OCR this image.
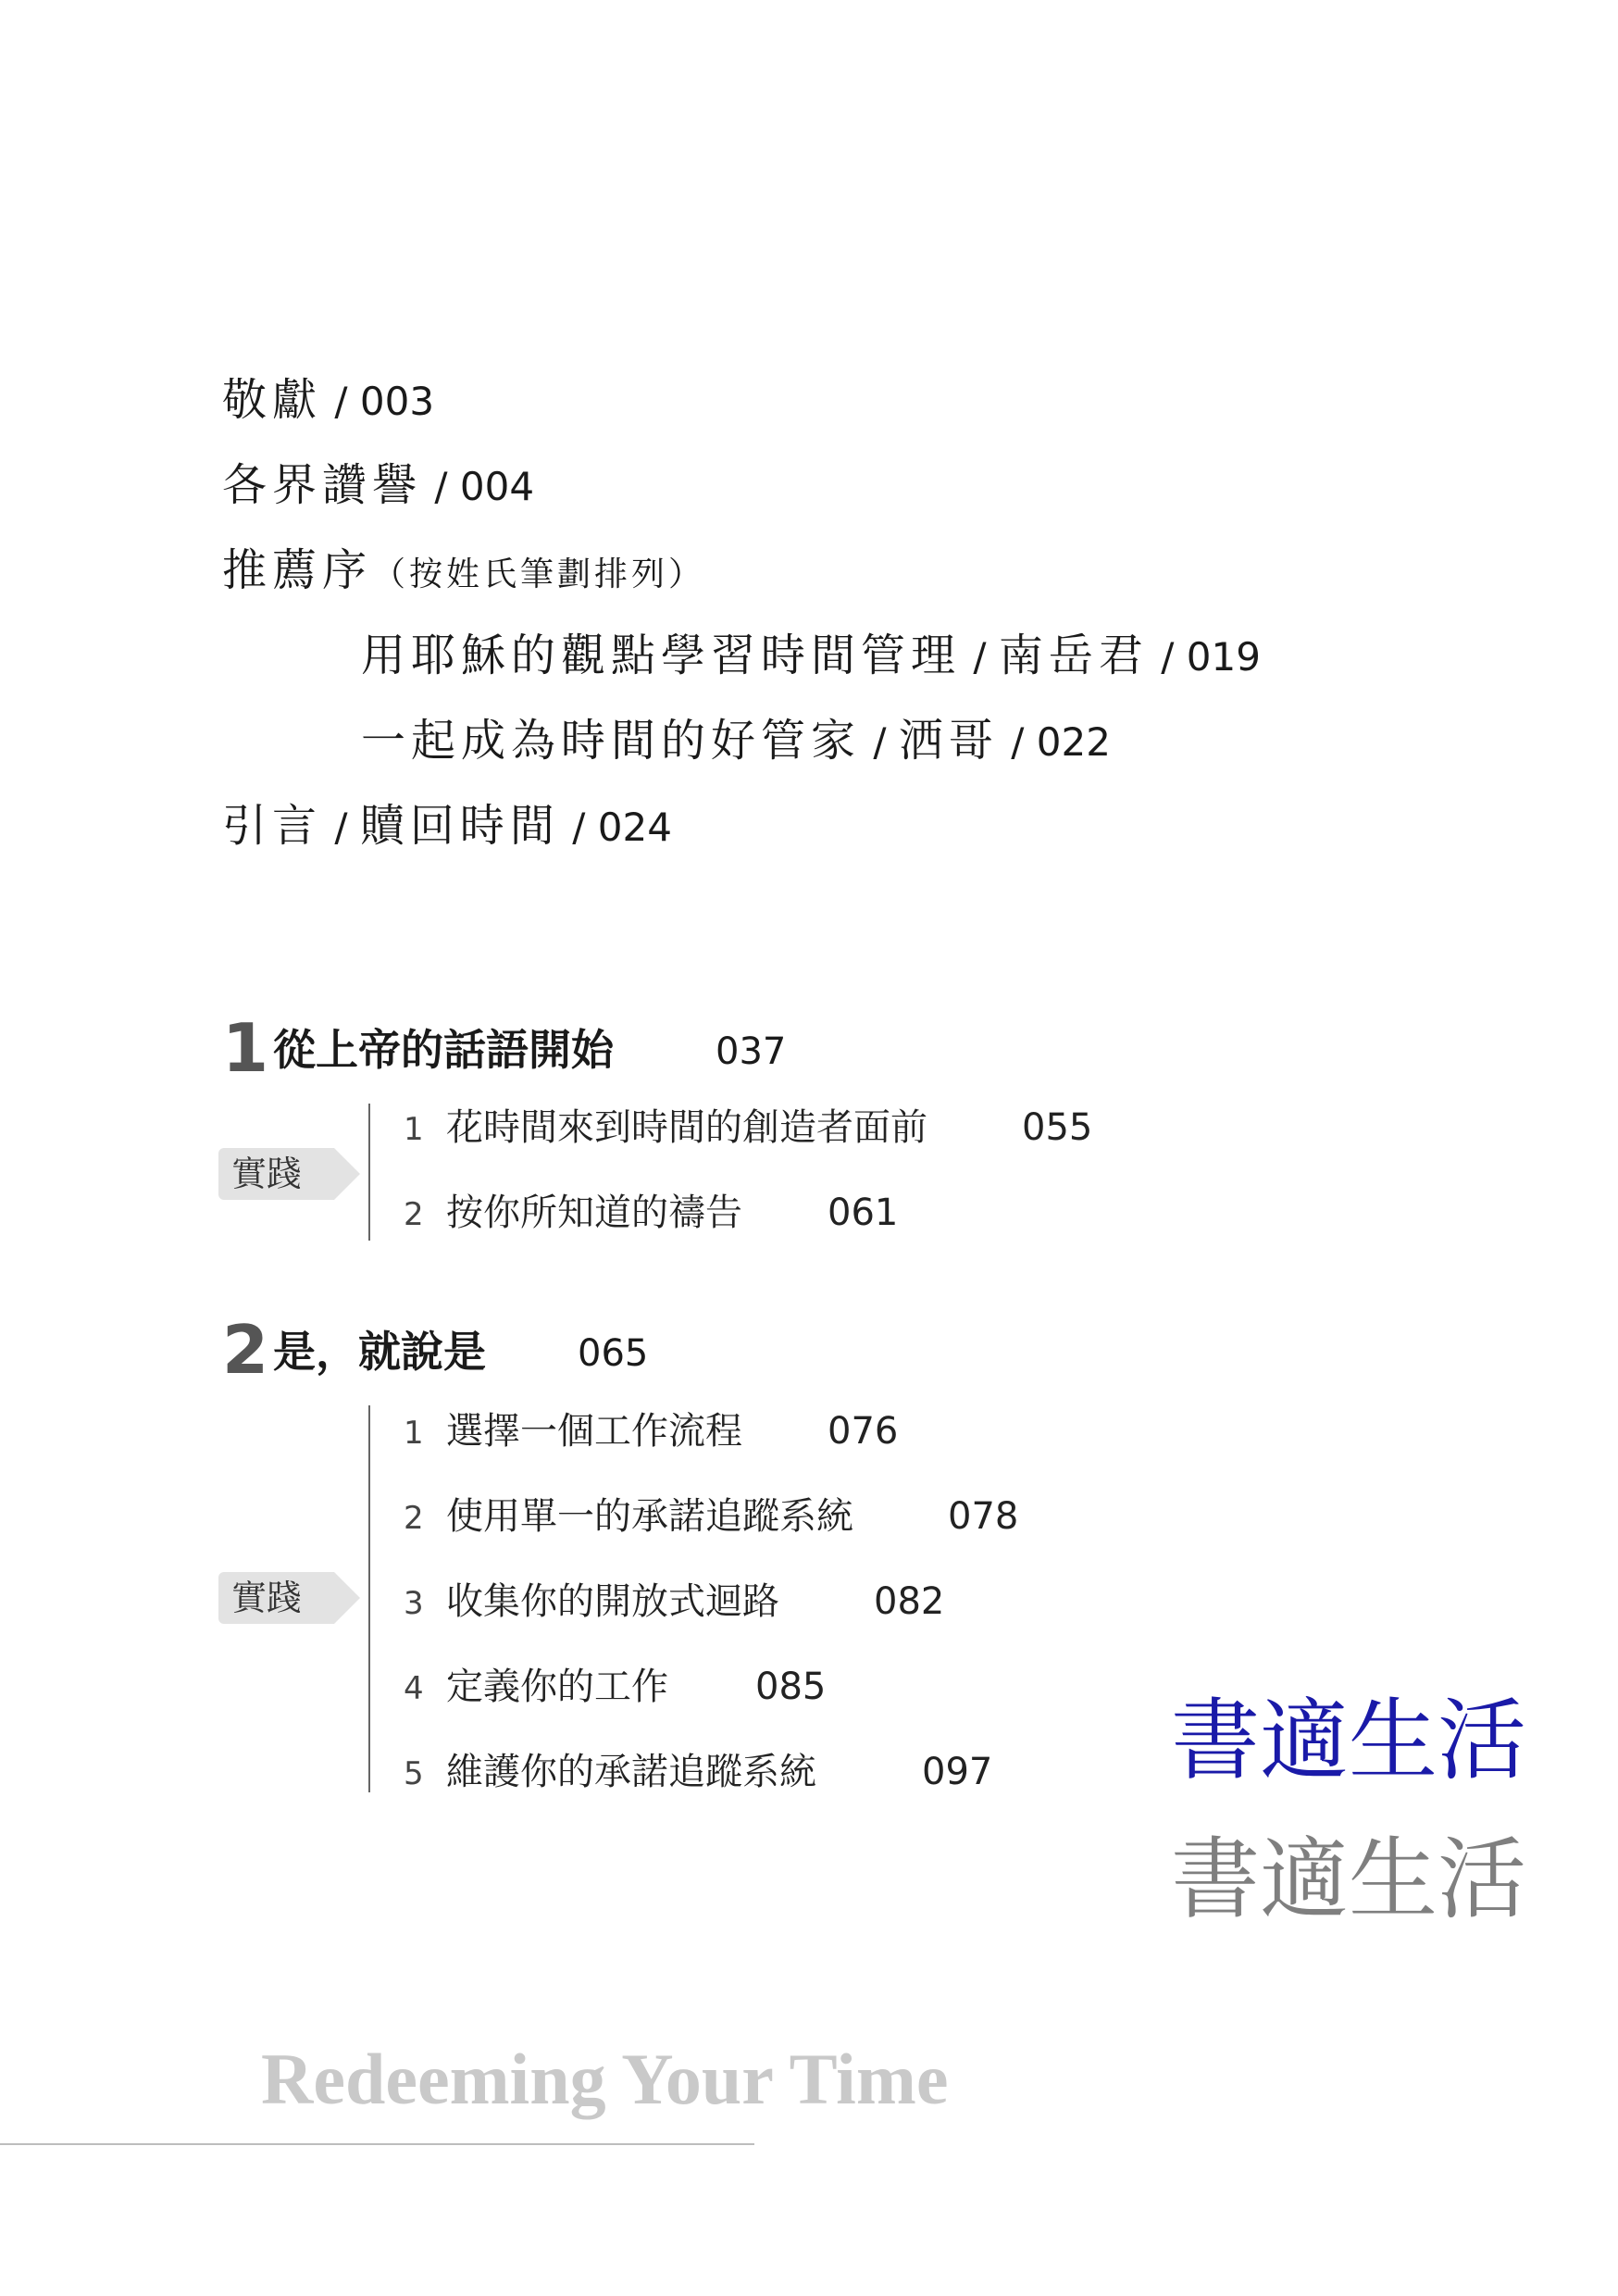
敬獻 / 003
各界讚譽 / 004
推薦序（按姓氏筆劃排列）
用耶穌的觀點學習時間管理 / 南岳君 / 019
一起成為時間的好管家 / 洒哥 / 022
引言 / 贖回時間 / 024
1 從上帝的話語開始	037
實踐
1 花時間來到時間的創造者面前	055
2 按你所知道的禱告 061
2 是，就說是 065
實踐
1 選擇一個工作流程 076
2 使用單一的承諾追蹤系統	078
3 收集你的開放式迴路	082
4 定義你的工作 085
5 維護你的承諾追蹤系統	097 書適生活
書適生活
Redeeming Your Time
